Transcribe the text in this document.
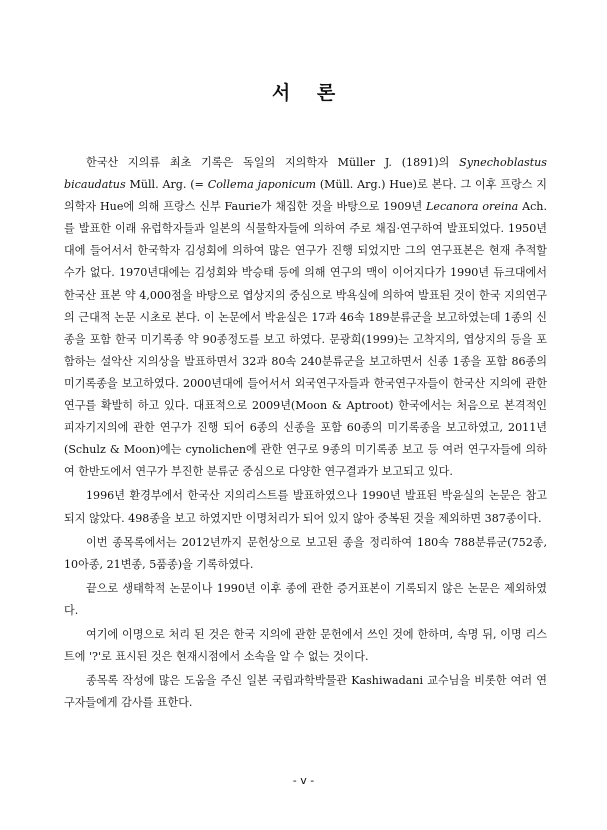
서 론

한국산 지의류 최초 기록은 독일의 지의학자 Müller J. (1891)의 Synechoblastus bicaudatus Müll. Arg. (= Collema japonicum (Müll. Arg.) Hue)로 본다. 그 이후 프랑스 지의학자 Hue에 의해 프랑스 신부 Faurie가 채집한 것을 바탕으로 1909년 Lecanora oreina Ach.를 발표한 이래 유럽학자들과 일본의 식물학자들에 의하여 주로 채집·연구하여 발표되었다. 1950년대에 들어서서 한국학자 김성회에 의하여 많은 연구가 진행 되었지만 그의 연구표본은 현재 추적할 수가 없다. 1970년대에는 김성회와 박승태 등에 의해 연구의 맥이 이어지다가 1990년 듀크대에서 한국산 표본 약 4,000점을 바탕으로 엽상지의 중심으로 박욕실에 의하여 발표된 것이 한국 지의연구의 근대적 논문 시초로 본다. 이 논문에서 박윤실은 17과 46속 189분류군을 보고하였는데 1종의 신종을 포함 한국 미기록종 약 90종정도를 보고 하였다. 문광희(1999)는 고착지의, 엽상지의 등을 포함하는 설악산 지의상을 발표하면서 32과 80속 240분류군을 보고하면서 신종 1종을 포함 86종의 미기록종을 보고하였다. 2000년대에 들어서서 외국연구자들과 한국연구자들이 한국산 지의에 관한 연구를 확발히 하고 있다. 대표적으로 2009년(Moon & Aptroot) 한국에서는 처음으로 본격적인 피자기지의에 관한 연구가 진행 되어 6종의 신종을 포함 60종의 미기록종을 보고하였고, 2011년(Schulz & Moon)에는 cynolichen에 관한 연구로 9종의 미기록종 보고 등 여러 연구자들에 의하여 한반도에서 연구가 부진한 분류군 중심으로 다양한 연구결과가 보고되고 있다.

1996년 환경부에서 한국산 지의리스트를 발표하였으나 1990년 발표된 박윤실의 논문은 참고 되지 않았다. 498종을 보고 하였지만 이명처리가 되어 있지 않아 중복된 것을 제외하면 387종이다.

이번 종목록에서는 2012년까지 문헌상으로 보고된 종을 정리하여 180속 788분류군(752종, 10아종, 21변종, 5품종)을 기록하였다.

끝으로 생태학적 논문이나 1990년 이후 종에 관한 증거표본이 기록되지 않은 논문은 제외하였다.

여기에 이명으로 처리 된 것은 한국 지의에 관한 문헌에서 쓰인 것에 한하며, 속명 뒤, 이명 리스트에 '?'로 표시된 것은 현재시점에서 소속을 알 수 없는 것이다.

종목록 작성에 많은 도움을 주신 일본 국립과학박물관 Kashiwadani 교수님을 비롯한 여러 연구자들에게 감사를 표한다.

- v -
